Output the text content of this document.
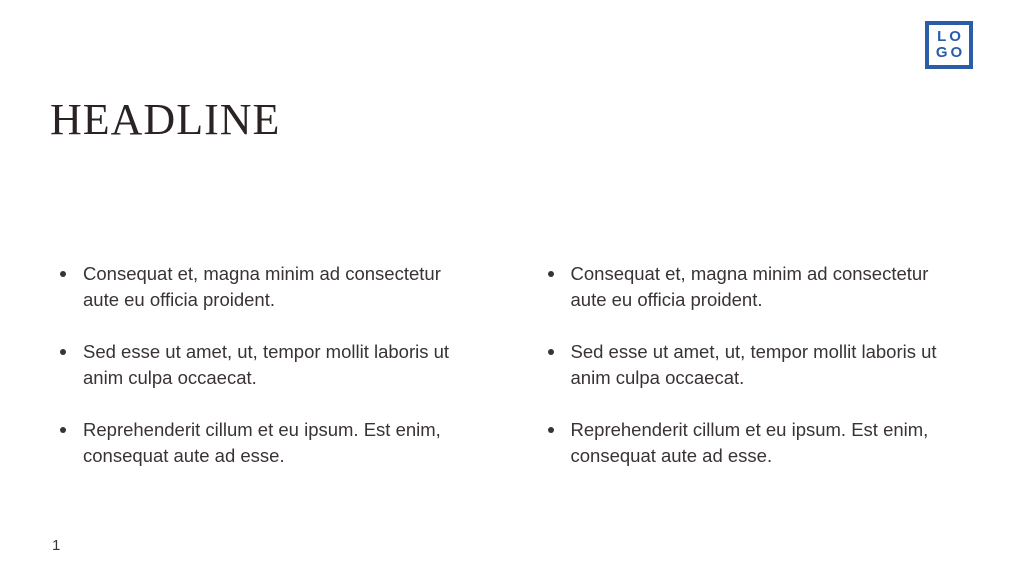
HEADLINE
LO
GO
Consequat et, magna minim ad consectetur
aute eu officia proident.
Sed esse ut amet, ut, tempor mollit laboris ut
anim culpa occaecat.
Reprehenderit cillum et eu ipsum. Est enim,
consequat aute ad esse.
Consequat et, magna minim ad consectetur
aute eu officia proident.
Sed esse ut amet, ut, tempor mollit laboris ut
anim culpa occaecat.
Reprehenderit cillum et eu ipsum. Est enim,
consequat aute ad esse.
1
